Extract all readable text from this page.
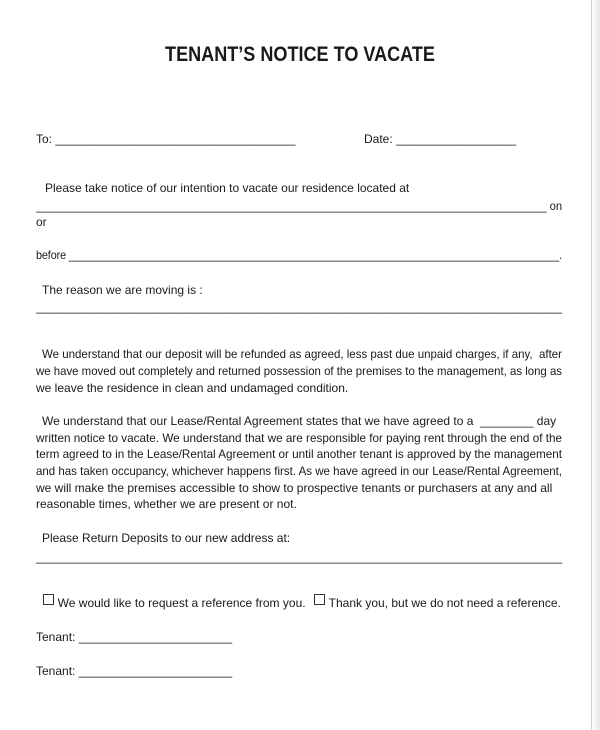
TENANT’S NOTICE TO VACATE
To: ____________________________________	Date: __________________
Please take notice of our intention to vacate our residence located at
___________________________________________________________________________________ on
or
before ___________________________________________________________________________________.
The reason we are moving is :
_______________________________________________________________________________________________
We understand that our deposit will be refunded as agreed, less past due unpaid charges, if any,  after
we have moved out completely and returned possession of the premises to the management, as long as
we leave the residence in clean and undamaged condition.
We understand that our Lease/Rental Agreement states that we have agreed to a  ________ day
written notice to vacate. We understand that we are responsible for paying rent through the end of the
term agreed to in the Lease/Rental Agreement or until another tenant is approved by the management
and has taken occupancy, whichever happens first. As we have agreed in our Lease/Rental Agreement,
we will make the premises accessible to show to prospective tenants or purchasers at any and all
reasonable times, whether we are present or not.
Please Return Deposits to our new address at:
_______________________________________________________________________________________________

We would like to request a reference from you.	Thank you, but we do not need a reference.

Tenant: _______________________
Tenant: _______________________
